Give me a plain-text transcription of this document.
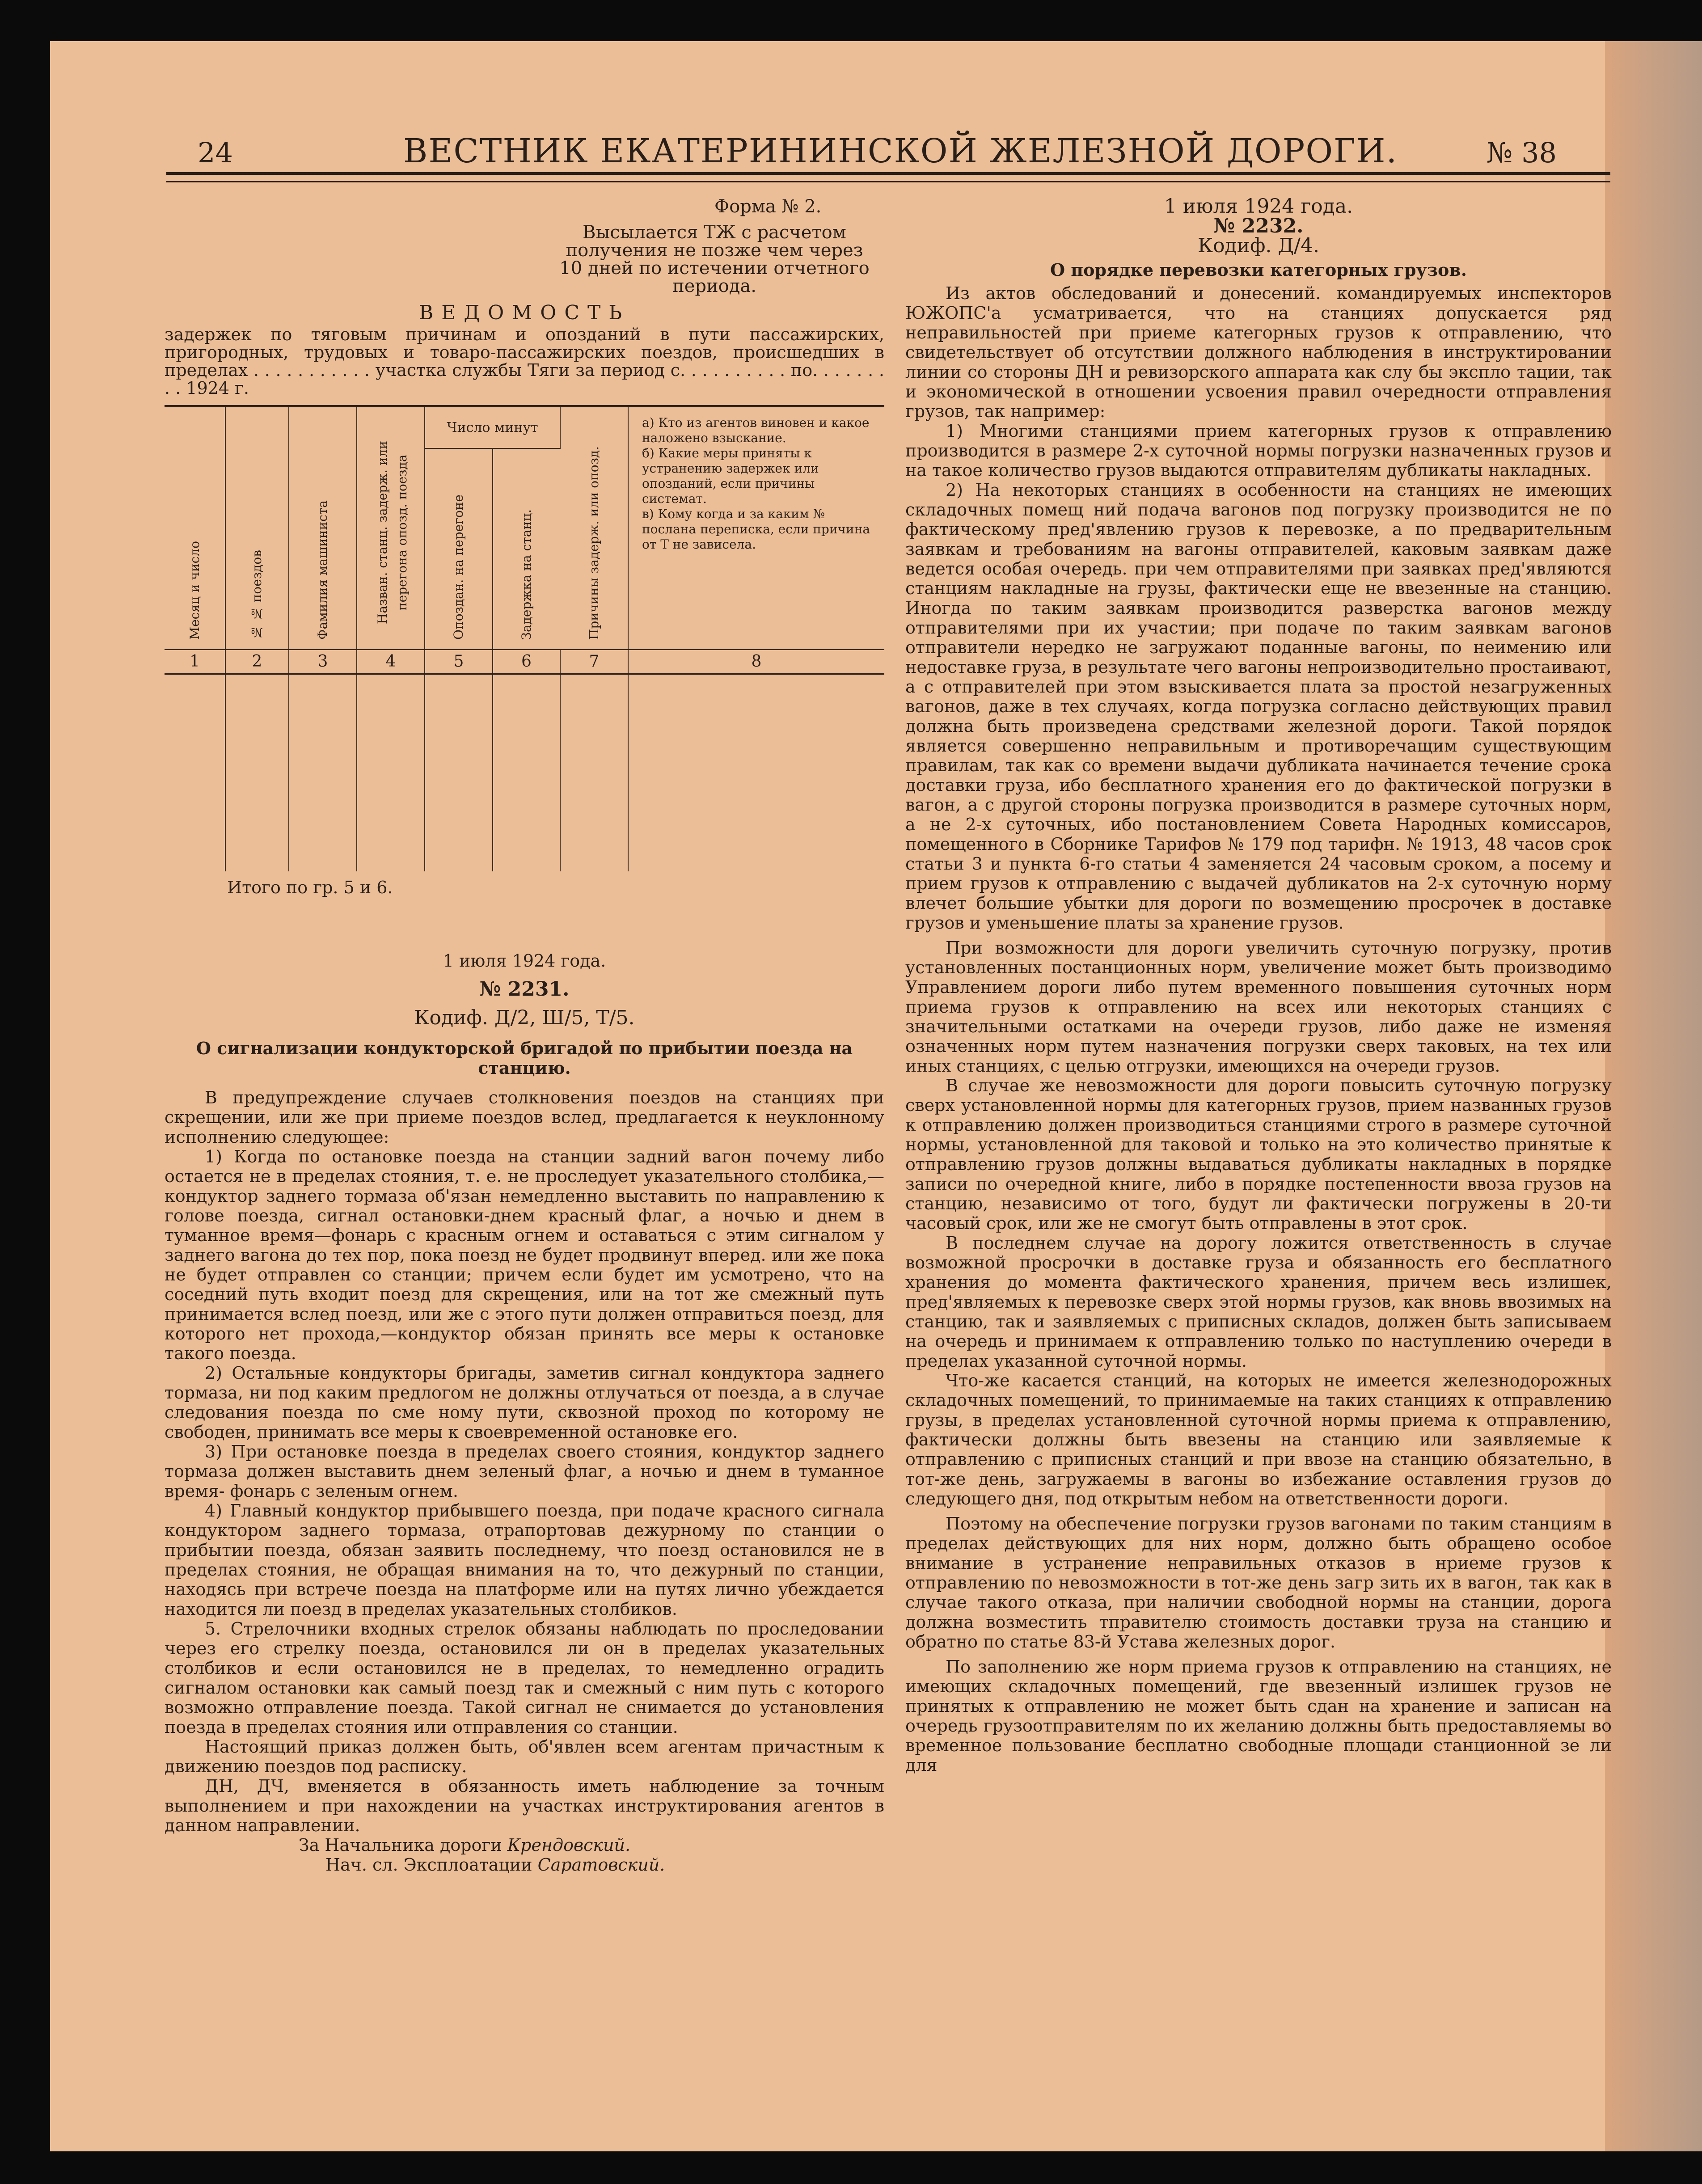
24	ВЕСТНИК ЕКАТЕРИНИНСКОЙ ЖЕЛЕЗНОЙ ДОРОГИ.	№ 38

Форма № 2.

Высылается ТЖ с расчетом получения не позже чем через 10 дней по истечении отчетного периода.

ВЕДОМОСТЬ

задержек по тяговым причинам и опозданий в пути пассажирских, пригородных, трудовых и товаро-пассажирских поездов, происшедших в пределах . . . . . . . . . . . участка службы Тяги за период с. . . . . . . . . . по. . . . . . . . . 1924 г.

Месяц и число	№ № поездов	Фамилия машиниста	Назван. станц. задерж. или перегона опозд. поезда	Число минут		Причины задерж. или опозд.	а) Кто из агентов виновен и какое наложено взыскание.
б) Какие меры приняты к устранению задержек или опозданий, если причины системат.
в) Кому когда и за каким № послана переписка, если причина от Т не зависела.

				Опоздан. на перегоне	Задержка на станц.		

1	2	3	4	5	6	7	8

Итого по гр. 5 и 6.

1 июля 1924 года.

№ 2231.

Кодиф. Д/2, Ш/5, Т/5.

О сигнализации кондукторской бригадой по прибытии поезда на станцию.

В предупреждение случаев столкновения поездов на станциях при скрещении, или же при приеме поездов вслед, предлагается к неуклонному исполнению следующее:

1) Когда по остановке поезда на станции задний вагон почему либо остается не в пределах стояния, т. е. не проследует указательного столбика,—кондуктор заднего тормаза об'язан немедленно выставить по направлению к голове поезда, сигнал остановки-днем красный флаг, а ночью и днем в туманное время—фонарь с красным огнем и оставаться с этим сигналом у заднего вагона до тех пор, пока поезд не будет продвинут вперед. или же пока не будет отправлен со станции; причем если будет им усмотрено, что на соседний путь входит поезд для скрещения, или на тот же смежный путь принимается вслед поезд, или же с этого пути должен отправиться поезд, для которого нет прохода,—кондуктор обязан принять все меры к остановке такого поезда.

2) Остальные кондукторы бригады, заметив сигнал кондуктора заднего тормаза, ни под каким предлогом не должны отлучаться от поезда, а в случае следования поезда по сме ному пути, сквозной проход по которому не свободен, принимать все меры к своевременной остановке его.

3) При остановке поезда в пределах своего стояния, кондуктор заднего тормаза должен выставить днем зеленый флаг, а ночью и днем в туманное время- фонарь с зеленым огнем.

4) Главный кондуктор прибывшего поезда, при подаче красного сигнала кондуктором заднего тормаза, отрапортовав дежурному по станции о прибытии поезда, обязан заявить последнему, что поезд остановился не в пределах стояния, не обращая внимания на то, что дежурный по станции, находясь при встрече поезда на платформе или на путях лично убеждается находится ли поезд в пределах указательных столбиков.

5. Стрелочники входных стрелок обязаны наблюдать по проследовании через его стрелку поезда, остановился ли он в пределах указательных столбиков и если остановился не в пределах, то немедленно оградить сигналом остановки как самый поезд так и смежный с ним путь с которого возможно отправление поезда. Такой сигнал не снимается до установления поезда в пределах стояния или отправления со станции.

Настоящий приказ должен быть, об'явлен всем агентам причастным к движению поездов под расписку.

ДН, ДЧ, вменяется в обязанность иметь наблюдение за точным выполнением и при нахождении на участках инструктирования агентов в данном направлении.

За Начальника дороги Крендовский.

Нач. сл. Эксплоатации Саратовский.

1 июля 1924 года.

№ 2232.

Кодиф. Д/4.

О порядке перевозки категорных грузов.

Из актов обследований и донесений. командируемых инспекторов ЮЖОПС'а усматривается, что на станциях допускается ряд неправильностей при приеме категорных грузов к отправлению, что свидетельствует об отсутствии должного наблюдения в инструктировании линии со стороны ДН и ревизорского аппарата как слу бы экспло тации, так и экономической в отношении усвоения правил очередности отправления грузов, так например:

1) Многими станциями прием категорных грузов к отправлению производится в размере 2-х суточной нормы погрузки назначенных грузов и на такое количество грузов выдаются отправителям дубликаты накладных.

2) На некоторых станциях в особенности на станциях не имеющих складочных помещ ний подача вагонов под погрузку производится не по фактическому пред'явлению грузов к перевозке, а по предварительным заявкам и требованиям на вагоны отправителей, каковым заявкам даже ведется особая очередь. при чем отправителями при заявках пред'являются станциям накладные на грузы, фактически еще не ввезенные на станцию. Иногда по таким заявкам производится разверстка вагонов между отправителями при их участии; при подаче по таким заявкам вагонов отправители нередко не загружают поданные вагоны, по неимению или недоставке груза, в результате чего вагоны непроизводительно простаивают, а с отправителей при этом взыскивается плата за простой незагруженных вагонов, даже в тех случаях, когда погрузка согласно действующих правил должна быть произведена средствами железной дороги. Такой порядок является совершенно неправильным и противоречащим существующим правилам, так как со времени выдачи дубликата начинается течение срока доставки груза, ибо бесплатного хранения его до фактической погрузки в вагон, а с другой стороны погрузка производится в размере суточных норм, а не 2-х суточных, ибо постановлением Совета Народных комиссаров, помещенного в Сборнике Тарифов № 179 под тарифн. № 1913, 48 часов срок статьи 3 и пункта 6-го статьи 4 заменяется 24 часовым сроком, а посему и прием грузов к отправлению с выдачей дубликатов на 2-х суточную норму влечет большие убытки для дороги по возмещению просрочек в доставке грузов и уменьшение платы за хранение грузов.

При возможности для дороги увеличить суточную погрузку, против установленных постанционных норм, увеличение может быть производимо Управлением дороги либо путем временного повышения суточных норм приема грузов к отправлению на всех или некоторых станциях с значительными остатками на очереди грузов, либо даже не изменяя означенных норм путем назначения погрузки сверх таковых, на тех или иных станциях, с целью отгрузки, имеющихся на очереди грузов.

В случае же невозможности для дороги повысить суточную погрузку сверх установленной нормы для категорных грузов, прием названных грузов к отправлению должен производиться станциями строго в размере суточной нормы, установленной для таковой и только на это количество принятые к отправлению грузов должны выдаваться дубликаты накладных в порядке записи по очередной книге, либо в порядке постепенности ввоза грузов на станцию, независимо от того, будут ли фактически погружены в 20-ти часовый срок, или же не смогут быть отправлены в этот срок.

В последнем случае на дорогу ложится ответственность в случае возможной просрочки в доставке груза и обязанность его бесплатного хранения до момента фактического хранения, причем весь излишек, пред'являемых к перевозке сверх этой нормы грузов, как вновь ввозимых на станцию, так и заявляемых с приписных складов, должен быть записываем на очередь и принимаем к отправлению только по наступлению очереди в пределах указанной суточной нормы.

Что-же касается станций, на которых не имеется железнодорожных складочных помещений, то принимаемые на таких станциях к отправлению грузы, в пределах установленной суточной нормы приема к отправлению, фактически должны быть ввезены на станцию или заявляемые к отправлению с приписных станций и при ввозе на станцию обязательно, в тот-же день, загружаемы в вагоны во избежание оставления грузов до следующего дня, под открытым небом на ответственности дороги.

Поэтому на обеспечение погрузки грузов вагонами по таким станциям в пределах действующих для них норм, должно быть обращено особое внимание в устранение неправильных отказов в нриеме грузов к отправлению по невозможности в тот-же день загр зить их в вагон, так как в случае такого отказа, при наличии свободной нормы на станции, дорога должна возместить тправителю стоимость доставки труза на станцию и обратно по статье 83-й Устава железных дорог.

По заполнению же норм приема грузов к отправлению на станциях, не имеющих складочных помещений, где ввезенный излишек грузов не принятых к отправлению не может быть сдан на хранение и записан на очередь грузоотправителям по их желанию должны быть предоставляемы во временное пользование бесплатно свободные площади станционной зе ли для
